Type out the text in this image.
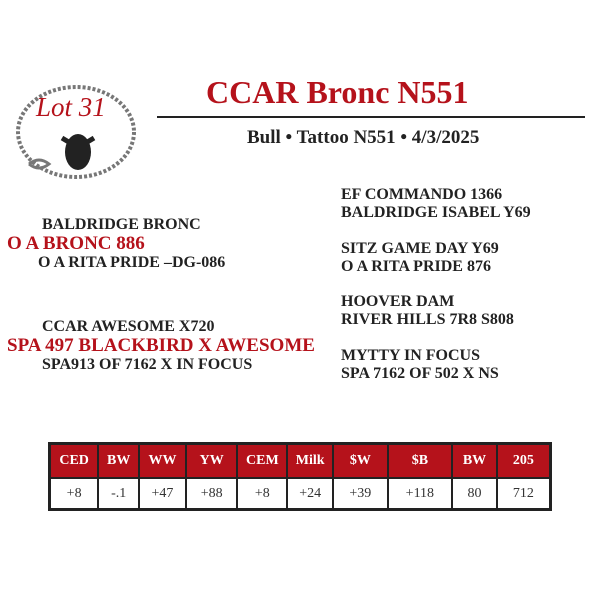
Lot 31	CCAR Bronc N551
Bull • Tattoo N551 • 4/3/2025
BALDRIDGE BRONC
O A BRONC 886
O A RITA PRIDE –DG-086
CCAR AWESOME X720
SPA 497 BLACKBIRD X AWESOME
SPA913 OF 7162 X IN FOCUS
EF COMMANDO 1366
BALDRIDGE ISABEL Y69
SITZ GAME DAY Y69
O A RITA PRIDE 876
HOOVER DAM
RIVER HILLS 7R8 S808
MYTTY IN FOCUS
SPA 7162 OF 502 X NS
CED	BW	WW	YW	CEM	Milk	$W	$B	BW	205
+8	-.1	+47	+88	+8	+24	+39	+118	80	712
